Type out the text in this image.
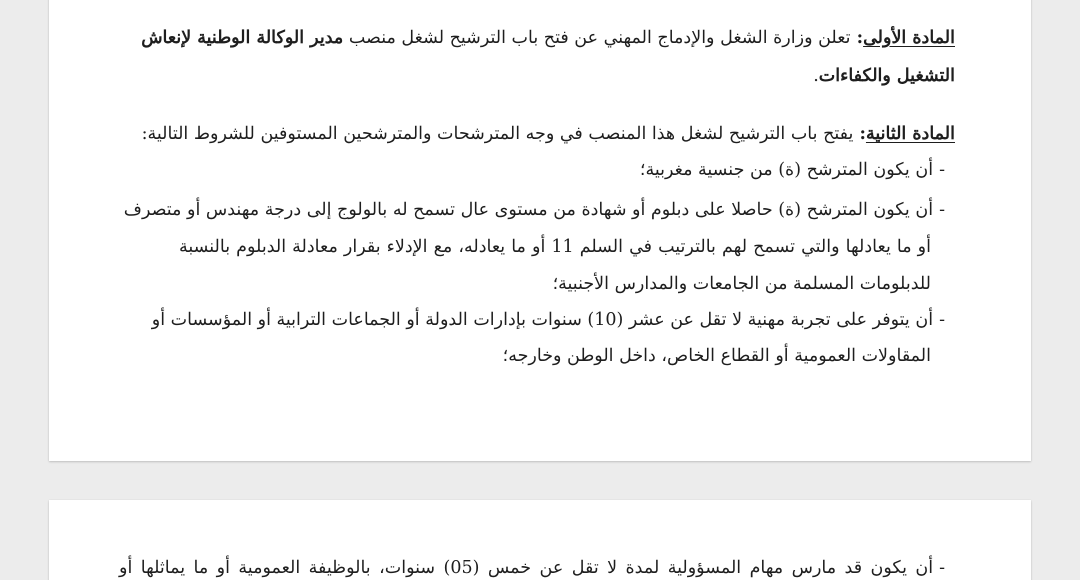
المادة الأولى: تعلن وزارة الشغل والإدماج المهني عن فتح باب الترشيح لشغل منصب مدير الوكالة الوطنية لإنعاش
التشغيل والكفاءات.
المادة الثانية: يفتح باب الترشيح لشغل هذا المنصب في وجه المترشحات والمترشحين المستوفين للشروط التالية:
-أن يكون المترشح (ة) من جنسية مغربية؛
-أن يكون المترشح (ة) حاصلا على دبلوم أو شهادة من مستوى عال تسمح له بالولوج إلى درجة مهندس أو متصرف
أو ما يعادلها والتي تسمح لهم بالترتيب في السلم 11 أو ما يعادله، مع الإدلاء بقرار معادلة الدبلوم بالنسبة
للدبلومات المسلمة من الجامعات والمدارس الأجنبية؛
-أن يتوفر على تجربة مهنية لا تقل عن عشر (10) سنوات بإدارات الدولة أو الجماعات الترابية أو المؤسسات أو
المقاولات العمومية أو القطاع الخاص، داخل الوطن وخارجه؛
-أن يكون قد مارس مهام المسؤولية لمدة لا تقل عن خمس (05) سنوات، بالوظيفة العمومية أو ما يماثلها أو
